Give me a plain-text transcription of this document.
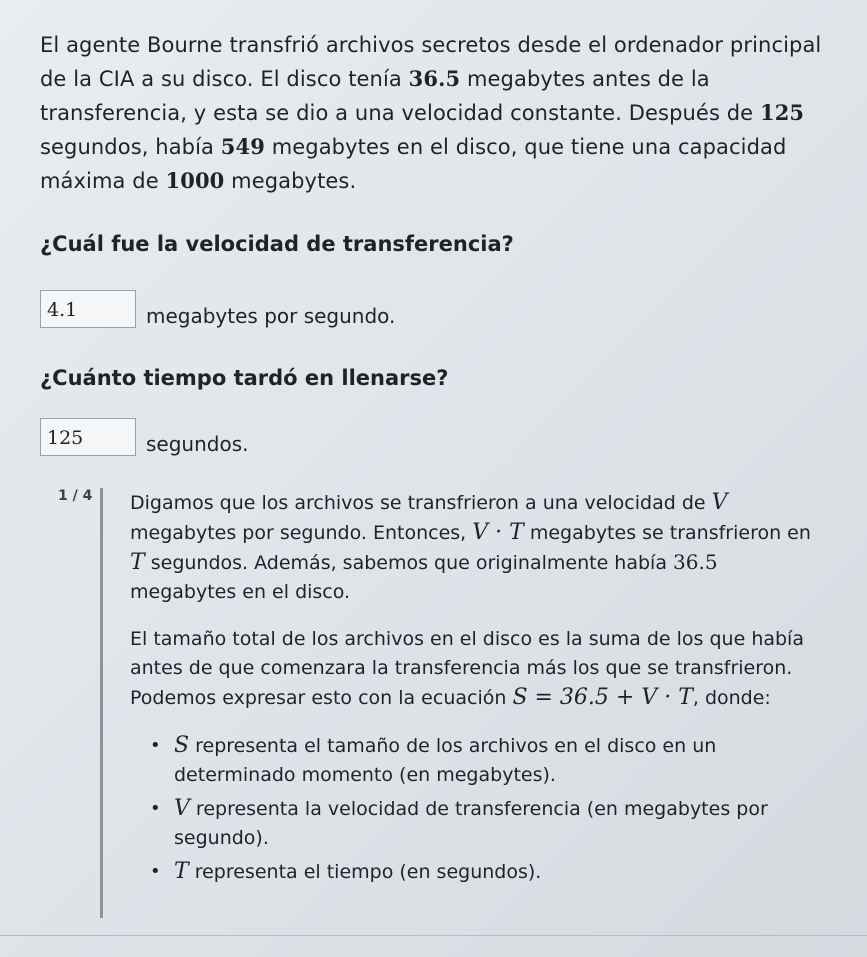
El agente Bourne transfrió archivos secretos desde el ordenador principal de la CIA a su disco. El disco tenía 36.5 megabytes antes de la transferencia, y esta se dio a una velocidad constante. Después de 125 segundos, había 549 megabytes en el disco, que tiene una capacidad máxima de 1000 megabytes.
¿Cuál fue la velocidad de transferencia?
4.1	megabytes por segundo.
¿Cuánto tiempo tardó en llenarse?
125	segundos.
1 / 4 Digamos que los archivos se transfrieron a una velocidad de V megabytes por segundo. Entonces, V · T megabytes se transfrieron en T segundos. Además, sabemos que originalmente había 36.5 megabytes en el disco.

El tamaño total de los archivos en el disco es la suma de los que había antes de que comenzara la transferencia más los que se transfrieron. Podemos expresar esto con la ecuación S = 36.5 + V · T, donde:

• S representa el tamaño de los archivos en el disco en un determinado momento (en megabytes).
• V representa la velocidad de transferencia (en megabytes por segundo).
• T representa el tiempo (en segundos).
